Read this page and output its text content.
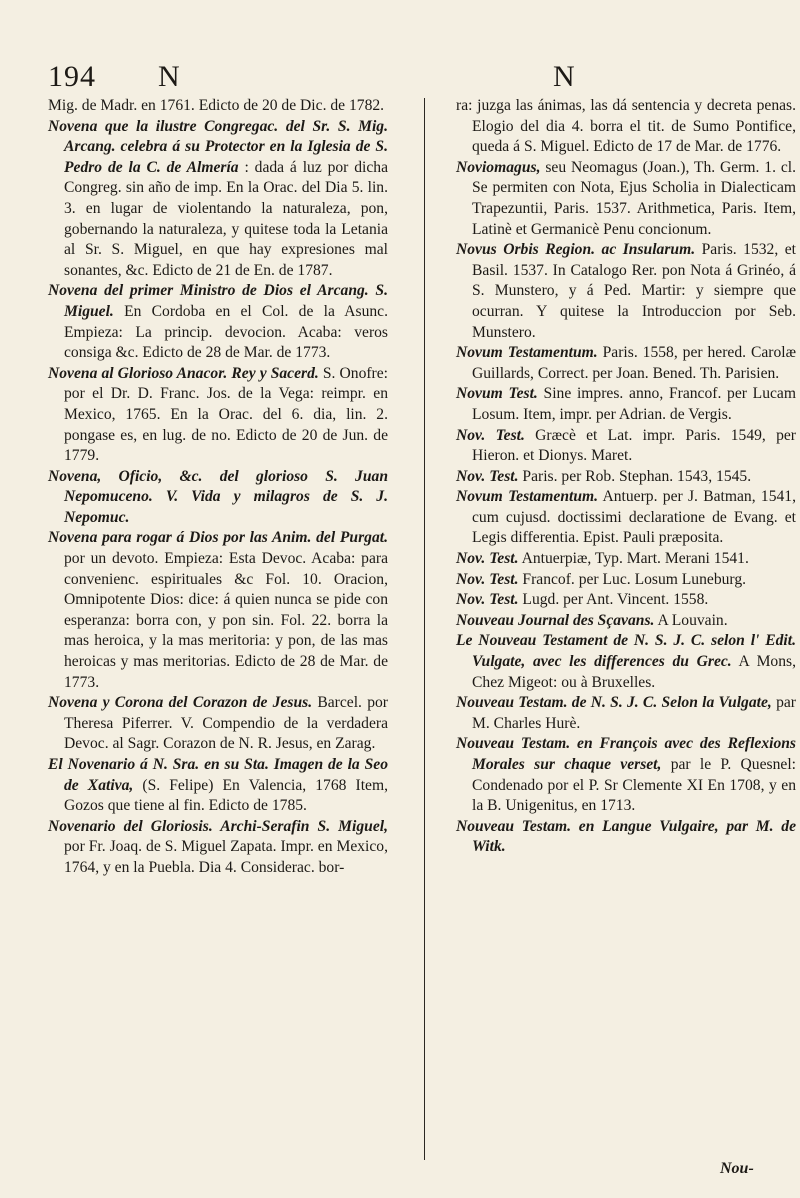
194 N	N

Mig. de Madr. en 1761. Edicto de 20 de Dic. de 1782.

Novena que la ilustre Congregac. del Sr. S. Mig. Arcang. celebra á su Protector en la Iglesia de S. Pedro de la C. de Almería : dada á luz por dicha Congreg. sin año de imp. En la Orac. del Dia 5. lin. 3. en lugar de violentando la naturaleza, pon, gobernando la naturaleza, y quitese toda la Letania al Sr. S. Miguel, en que hay expresiones mal sonantes, &c. Edicto de 21 de En. de 1787.

Novena del primer Ministro de Dios el Arcang. S. Miguel. En Cordoba en el Col. de la Asunc. Empieza: La princip. devocion. Acaba: veros consiga &c. Edicto de 28 de Mar. de 1773.

Novena al Glorioso Anacor. Rey y Sacerd. S. Onofre: por el Dr. D. Franc. Jos. de la Vega: reimpr. en Mexico, 1765. En la Orac. del 6. dia, lin. 2. pongase es, en lug. de no. Edicto de 20 de Jun. de 1779.

Novena, Oficio, &c. del glorioso S. Juan Nepomuceno. V. Vida y milagros de S. J. Nepomuc.

Novena para rogar á Dios por las Anim. del Purgat. por un devoto. Empieza: Esta Devoc. Acaba: para convenienc. espirituales &c Fol. 10. Oracion, Omnipotente Dios: dice: á quien nunca se pide con esperanza: borra con, y pon sin. Fol. 22. borra la mas heroica, y la mas meritoria: y pon, de las mas heroicas y mas meritorias. Edicto de 28 de Mar. de 1773.

Novena y Corona del Corazon de Jesus. Barcel. por Theresa Piferrer. V. Compendio de la verdadera Devoc. al Sagr. Corazon de N. R. Jesus, en Zarag.

El Novenario á N. Sra. en su Sta. Imagen de la Seo de Xativa, (S. Felipe) En Valencia, 1768 Item, Gozos que tiene al fin. Edicto de 1785.

Novenario del Gloriosis. Archi-Serafin S. Miguel, por Fr. Joaq. de S. Miguel Zapata. Impr. en Mexico, 1764, y en la Puebla. Dia 4. Considerac. bor-

ra: juzga las ánimas, las dá sentencia y decreta penas. Elogio del dia 4. borra el tit. de Sumo Pontifice, queda á S. Miguel. Edicto de 17 de Mar. de 1776.

Noviomagus, seu Neomagus (Joan.), Th. Germ. 1. cl. Se permiten con Nota, Ejus Scholia in Dialecticam Trapezuntii, Paris. 1537. Arithmetica, Paris. Item, Latinè et Germanicè Penu concionum.

Novus Orbis Region. ac Insularum. Paris. 1532, et Basil. 1537. In Catalogo Rer. pon Nota á Grinéo, á S. Munstero, y á Ped. Martir: y siempre que ocurran. Y quitese la Introduccion por Seb. Munstero.

Novum Testamentum. Paris. 1558, per hered. Carolæ Guillards, Correct. per Joan. Bened. Th. Parisien.

Novum Test. Sine impres. anno, Francof. per Lucam Losum. Item, impr. per Adrian. de Vergis.

Nov. Test. Græcè et Lat. impr. Paris. 1549, per Hieron. et Dionys. Maret.

Nov. Test. Paris. per Rob. Stephan. 1543, 1545.

Novum Testamentum. Antuerp. per J. Batman, 1541, cum cujusd. doctissimi declaratione de Evang. et Legis differentia. Epist. Pauli præposita.

Nov. Test. Antuerpiæ, Typ. Mart. Merani 1541.

Nov. Test. Francof. per Luc. Losum Luneburg.

Nov. Test. Lugd. per Ant. Vincent. 1558.

Nouveau Journal des Sçavans. A Louvain.

Le Nouveau Testament de N. S. J. C. selon l' Edit. Vulgate, avec les differences du Grec. A Mons, Chez Migeot: ou à Bruxelles.

Nouveau Testam. de N. S. J. C. Selon la Vulgate, par M. Charles Hurè.

Nouveau Testam. en François avec des Reflexions Morales sur chaque verset, par le P. Quesnel: Condenado por el P. Sr Clemente XI En 1708, y en la B. Unigenitus, en 1713.

Nouveau Testam. en Langue Vulgaire, par M. de Witk.

Nou-
